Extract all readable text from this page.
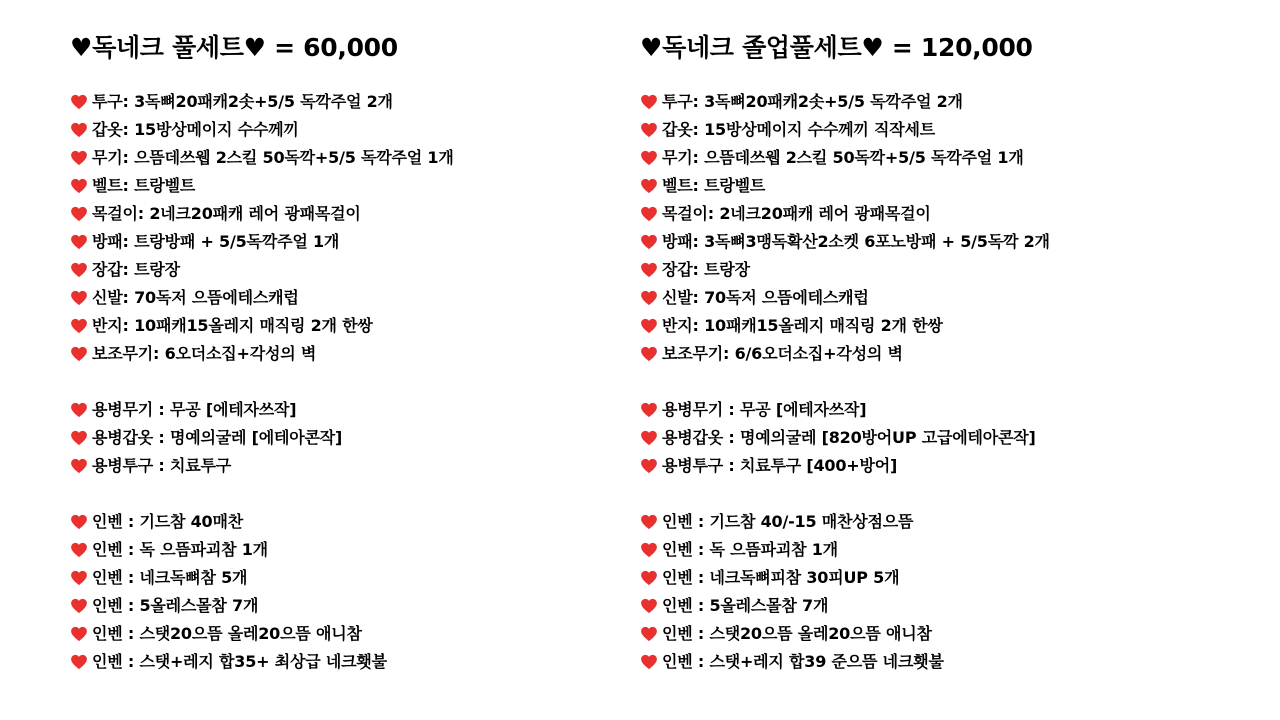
♥독네크 풀세트♥ = 60,000
투구: 3독뼈20패캐2솟+5/5 독깍주얼 2개
갑옷: 15방상메이지 수수께끼
무기: 으뜸데쓰웹 2스킬 50독깍+5/5 독깍주얼 1개
벨트: 트랑벨트
목걸이: 2네크20패캐 레어 광패목걸이
방패: 트랑방패 + 5/5독깍주얼 1개
장갑: 트랑장
신발: 70독저 으뜸에테스캐럽
반지: 10패캐15올레지 매직링 2개 한쌍
보조무기: 6오더소집+각성의 벽
용병무기 : 무공 [에테자쓰작]
용병갑옷 : 명예의굴레 [에테아콘작]
용병투구 : 치료투구
인벤 : 기드참 40매찬
인벤 : 독 으뜸파괴참 1개
인벤 : 네크독뼈참 5개
인벤 : 5올레스몰참 7개
인벤 : 스탯20으뜸 올레20으뜸 애니참
인벤 : 스탯+레지 합35+ 최상급 네크횃불
♥독네크 졸업풀세트♥ = 120,000
투구: 3독뼈20패캐2솟+5/5 독깍주얼 2개
갑옷: 15방상메이지 수수께끼 직작세트
무기: 으뜸데쓰웹 2스킬 50독깍+5/5 독깍주얼 1개
벨트: 트랑벨트
목걸이: 2네크20패캐 레어 광패목걸이
방패: 3독뼈3맹독확산2소켓 6포노방패 + 5/5독깍 2개
장갑: 트랑장
신발: 70독저 으뜸에테스캐럽
반지: 10패캐15올레지 매직링 2개 한쌍
보조무기: 6/6오더소집+각성의 벽
용병무기 : 무공 [에테자쓰작]
용병갑옷 : 명예의굴레 [820방어UP 고급에테아콘작]
용병투구 : 치료투구 [400+방어]
인벤 : 기드참 40/-15 매찬상점으뜸
인벤 : 독 으뜸파괴참 1개
인벤 : 네크독뼈피참 30피UP 5개
인벤 : 5올레스몰참 7개
인벤 : 스탯20으뜸 올레20으뜸 애니참
인벤 : 스탯+레지 합39 준으뜸 네크횃불
